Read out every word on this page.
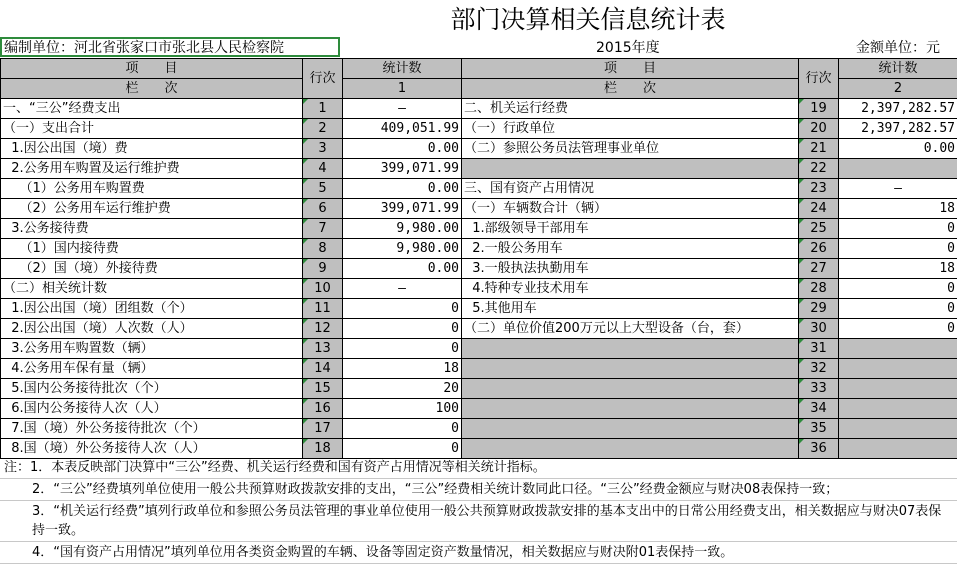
部门决算相关信息统计表
编制单位：河北省张家口市张北县人民检察院	2015年度	金额单位：元
项　　目	行次	统计数	项　　目	行次	统计数
栏　　次		1	栏　　次		2
一、“三公”经费支出	1	—	二、机关运行经费	19	2,397,282.57
（一）支出合计	2	409,051.99	（一）行政单位	20	2,397,282.57
1.因公出国（境）费	3	0.00	（二）参照公务员法管理事业单位	21	0.00
2.公务用车购置及运行维护费	4	399,071.99		22	
（1）公务用车购置费	5	0.00	三、国有资产占用情况	23	—
（2）公务用车运行维护费	6	399,071.99	（一）车辆数合计（辆）	24	18
3.公务接待费	7	9,980.00	1.部级领导干部用车	25	0
（1）国内接待费	8	9,980.00	2.一般公务用车	26	0
（2）国（境）外接待费	9	0.00	3.一般执法执勤用车	27	18
（二）相关统计数	10	—	4.特种专业技术用车	28	0
1.因公出国（境）团组数（个）	11	0	5.其他用车	29	0
2.因公出国（境）人次数（人）	12	0	（二）单位价值200万元以上大型设备（台，套）	30	0
3.公务用车购置数（辆）	13	0		31	
4.公务用车保有量（辆）	14	18		32	
5.国内公务接待批次（个）	15	20		33	
6.国内公务接待人次（人）	16	100		34	
7.国（境）外公务接待批次（个）	17	0		35	
8.国（境）外公务接待人次（人）	18	0		36	
注：1．本表反映部门决算中“三公”经费、机关运行经费和国有资产占用情况等相关统计指标。
2．“三公”经费填列单位使用一般公共预算财政拨款安排的支出，“三公”经费相关统计数同此口径。“三公”经费金额应与财决08表保持一致；
3．“机关运行经费”填列行政单位和参照公务员法管理的事业单位使用一般公共预算财政拨款安排的基本支出中的日常公用经费支出，相关数据应与财决07表保持一致。
4．“国有资产占用情况”填列单位用各类资金购置的车辆、设备等固定资产数量情况，相关数据应与财决附01表保持一致。
